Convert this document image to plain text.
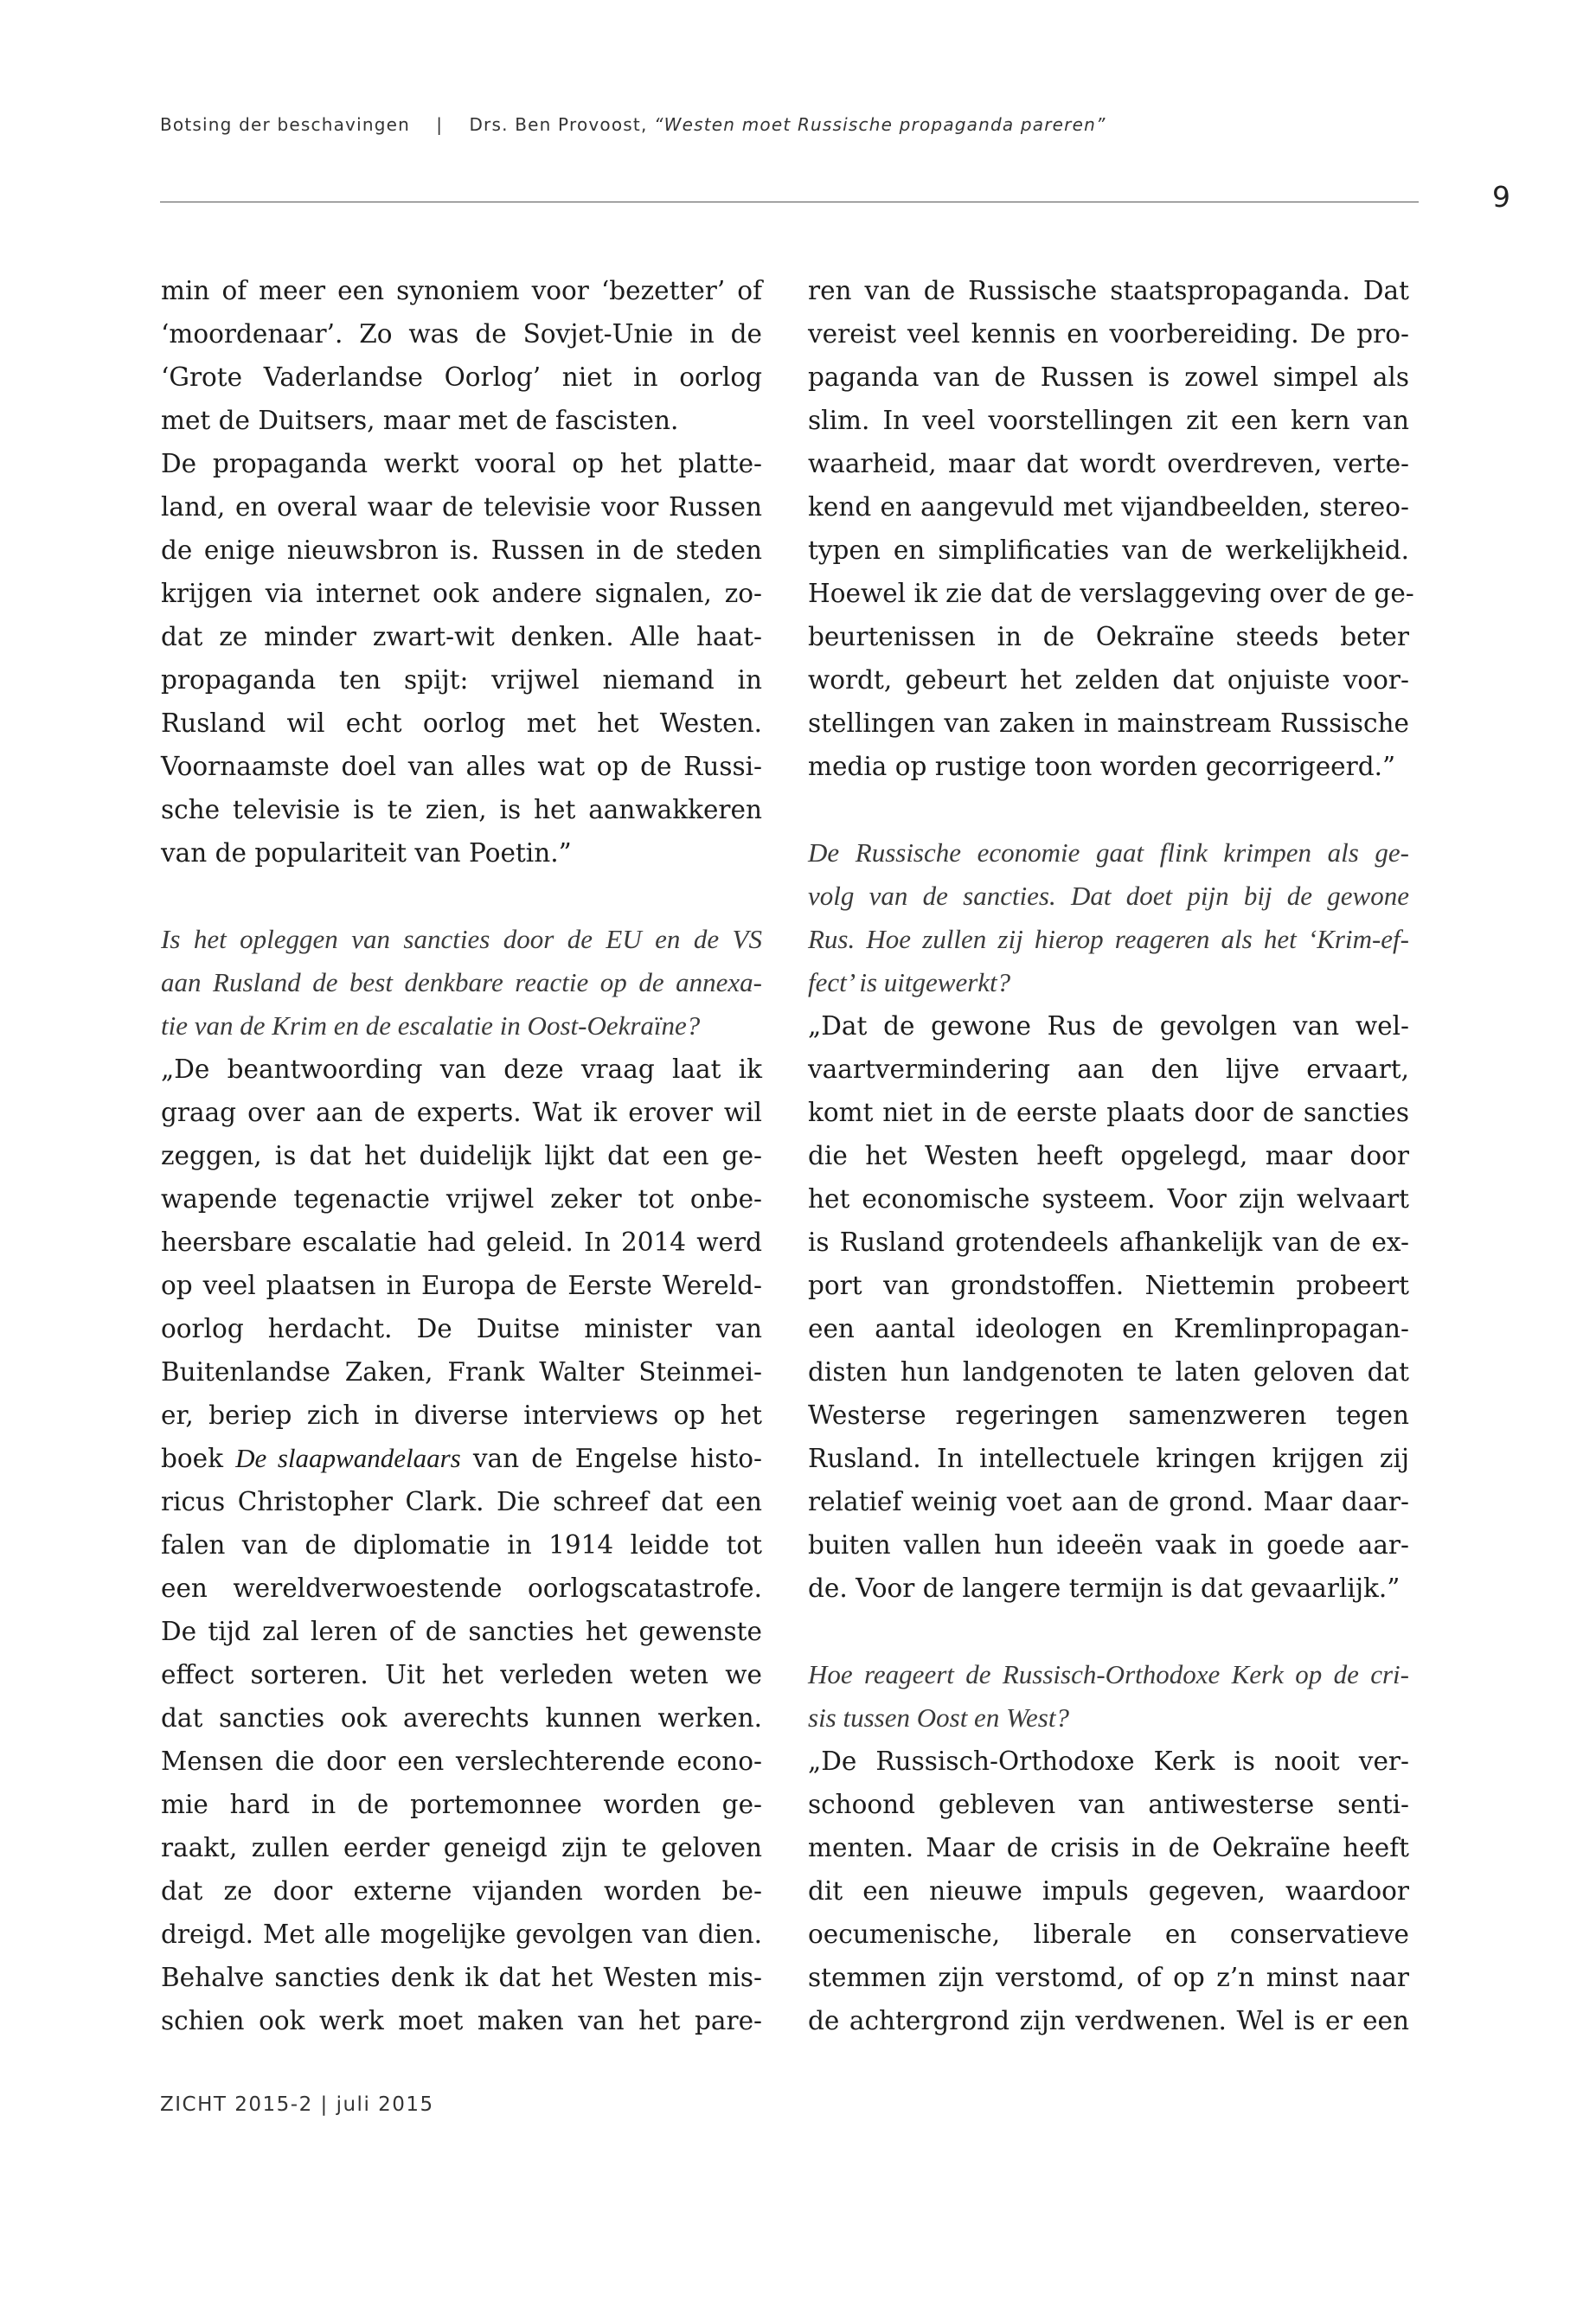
Botsing der beschavingen | Drs. Ben Provoost, “Westen moet Russische propaganda pareren”
9
min of meer een synoniem voor ‘bezetter’ of
‘moordenaar’. Zo was de Sovjet-Unie in de
‘Grote Vaderlandse Oorlog’ niet in oorlog
met de Duitsers, maar met de fascisten.
De propaganda werkt vooral op het platte-
land, en overal waar de televisie voor Russen
de enige nieuwsbron is. Russen in de steden
krijgen via internet ook andere signalen, zo-
dat ze minder zwart-wit denken. Alle haat-
propaganda ten spijt: vrijwel niemand in
Rusland wil echt oorlog met het Westen.
Voornaamste doel van alles wat op de Russi-
sche televisie is te zien, is het aanwakkeren
van de populariteit van Poetin.”
Is het opleggen van sancties door de EU en de VS
aan Rusland de best denkbare reactie op de annexa-
tie van de Krim en de escalatie in Oost-Oekraïne?
„De beantwoording van deze vraag laat ik
graag over aan de experts. Wat ik erover wil
zeggen, is dat het duidelijk lijkt dat een ge-
wapende tegenactie vrijwel zeker tot onbe-
heersbare escalatie had geleid. In 2014 werd
op veel plaatsen in Europa de Eerste Wereld-
oorlog herdacht. De Duitse minister van
Buitenlandse Zaken, Frank Walter Steinmei-
er, beriep zich in diverse interviews op het
boek De slaapwandelaars van de Engelse histo-
ricus Christopher Clark. Die schreef dat een
falen van de diplomatie in 1914 leidde tot
een wereldverwoestende oorlogscatastrofe.
De tijd zal leren of de sancties het gewenste
effect sorteren. Uit het verleden weten we
dat sancties ook averechts kunnen werken.
Mensen die door een verslechterende econo-
mie hard in de portemonnee worden ge-
raakt, zullen eerder geneigd zijn te geloven
dat ze door externe vijanden worden be-
dreigd. Met alle mogelijke gevolgen van dien.
Behalve sancties denk ik dat het Westen mis-
schien ook werk moet maken van het pare-
ren van de Russische staatspropaganda. Dat
vereist veel kennis en voorbereiding. De pro-
paganda van de Russen is zowel simpel als
slim. In veel voorstellingen zit een kern van
waarheid, maar dat wordt overdreven, verte-
kend en aangevuld met vijandbeelden, stereo-
typen en simplificaties van de werkelijkheid.
Hoewel ik zie dat de verslaggeving over de ge-
beurtenissen in de Oekraïne steeds beter
wordt, gebeurt het zelden dat onjuiste voor-
stellingen van zaken in mainstream Russische
media op rustige toon worden gecorrigeerd.”
De Russische economie gaat flink krimpen als ge-
volg van de sancties. Dat doet pijn bij de gewone
Rus. Hoe zullen zij hierop reageren als het ‘Krim-ef-
fect’ is uitgewerkt?
„Dat de gewone Rus de gevolgen van wel-
vaartvermindering aan den lijve ervaart,
komt niet in de eerste plaats door de sancties
die het Westen heeft opgelegd, maar door
het economische systeem. Voor zijn welvaart
is Rusland grotendeels afhankelijk van de ex-
port van grondstoffen. Niettemin probeert
een aantal ideologen en Kremlinpropagan-
disten hun landgenoten te laten geloven dat
Westerse regeringen samenzweren tegen
Rusland. In intellectuele kringen krijgen zij
relatief weinig voet aan de grond. Maar daar-
buiten vallen hun ideeën vaak in goede aar-
de. Voor de langere termijn is dat gevaarlijk.”
Hoe reageert de Russisch-Orthodoxe Kerk op de cri-
sis tussen Oost en West?
„De Russisch-Orthodoxe Kerk is nooit ver-
schoond gebleven van antiwesterse senti-
menten. Maar de crisis in de Oekraïne heeft
dit een nieuwe impuls gegeven, waardoor
oecumenische, liberale en conservatieve
stemmen zijn verstomd, of op z’n minst naar
de achtergrond zijn verdwenen. Wel is er een
ZICHT 2015-2 | juli 2015
